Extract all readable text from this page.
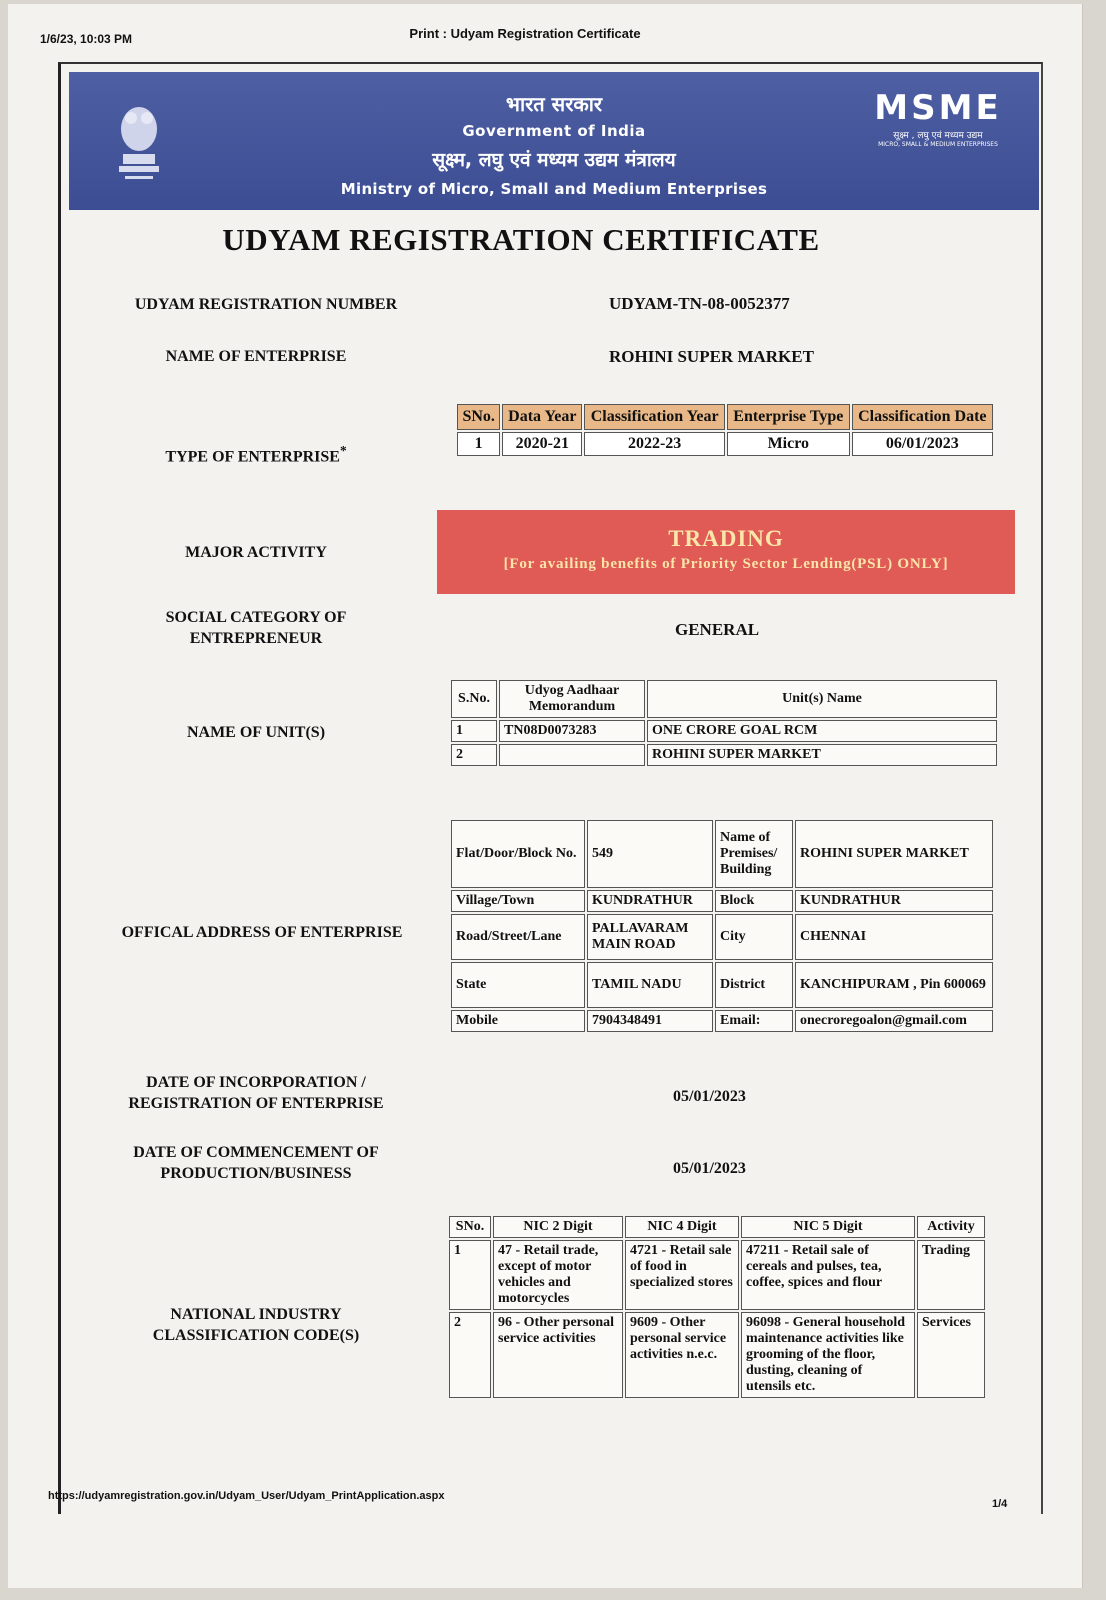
1/6/23, 10:03 PM	Print : Udyam Registration Certificate
भारत सरकार
Government of India
सूक्ष्म, लघु एवं मध्यम उद्यम मंत्रालय
Ministry of Micro, Small and Medium Enterprises
MSME
सूक्ष्म , लघु एवं मध्यम उद्यम
MICRO, SMALL & MEDIUM ENTERPRISES
UDYAM REGISTRATION CERTIFICATE
UDYAM REGISTRATION NUMBER	UDYAM-TN-08-0052377
NAME OF ENTERPRISE	ROHINI SUPER MARKET
TYPE OF ENTERPRISE*
SNo.	Data Year	Classification Year	Enterprise Type	Classification Date
1	2020-21	2022-23	Micro	06/01/2023
MAJOR ACTIVITY
TRADING
[For availing benefits of Priority Sector Lending(PSL) ONLY]
SOCIAL CATEGORY OF
ENTREPRENEUR	GENERAL
NAME OF UNIT(S)
S.No.	Udyog Aadhaar Memorandum	Unit(s) Name
1	TN08D0073283	ONE CRORE GOAL RCM
2		ROHINI SUPER MARKET
OFFICAL ADDRESS OF ENTERPRISE
Flat/Door/Block No.	549	Name of Premises/ Building	ROHINI SUPER MARKET
Village/Town	KUNDRATHUR	Block	KUNDRATHUR
Road/Street/Lane	PALLAVARAM MAIN ROAD	City	CHENNAI
State	TAMIL NADU	District	KANCHIPURAM , Pin 600069
Mobile	7904348491	Email:	onecroregoalon@gmail.com
DATE OF INCORPORATION /
REGISTRATION OF ENTERPRISE	05/01/2023
DATE OF COMMENCEMENT OF
PRODUCTION/BUSINESS	05/01/2023
NATIONAL INDUSTRY
CLASSIFICATION CODE(S)
SNo.	NIC 2 Digit	NIC 4 Digit	NIC 5 Digit	Activity
1	47 - Retail trade, except of motor vehicles and motorcycles	4721 - Retail sale of food in specialized stores	47211 - Retail sale of cereals and pulses, tea, coffee, spices and flour	Trading
2	96 - Other personal service activities	9609 - Other personal service activities n.e.c.	96098 - General household maintenance activities like grooming of the floor, dusting, cleaning of utensils etc.	Services
https://udyamregistration.gov.in/Udyam_User/Udyam_PrintApplication.aspx
1/4
